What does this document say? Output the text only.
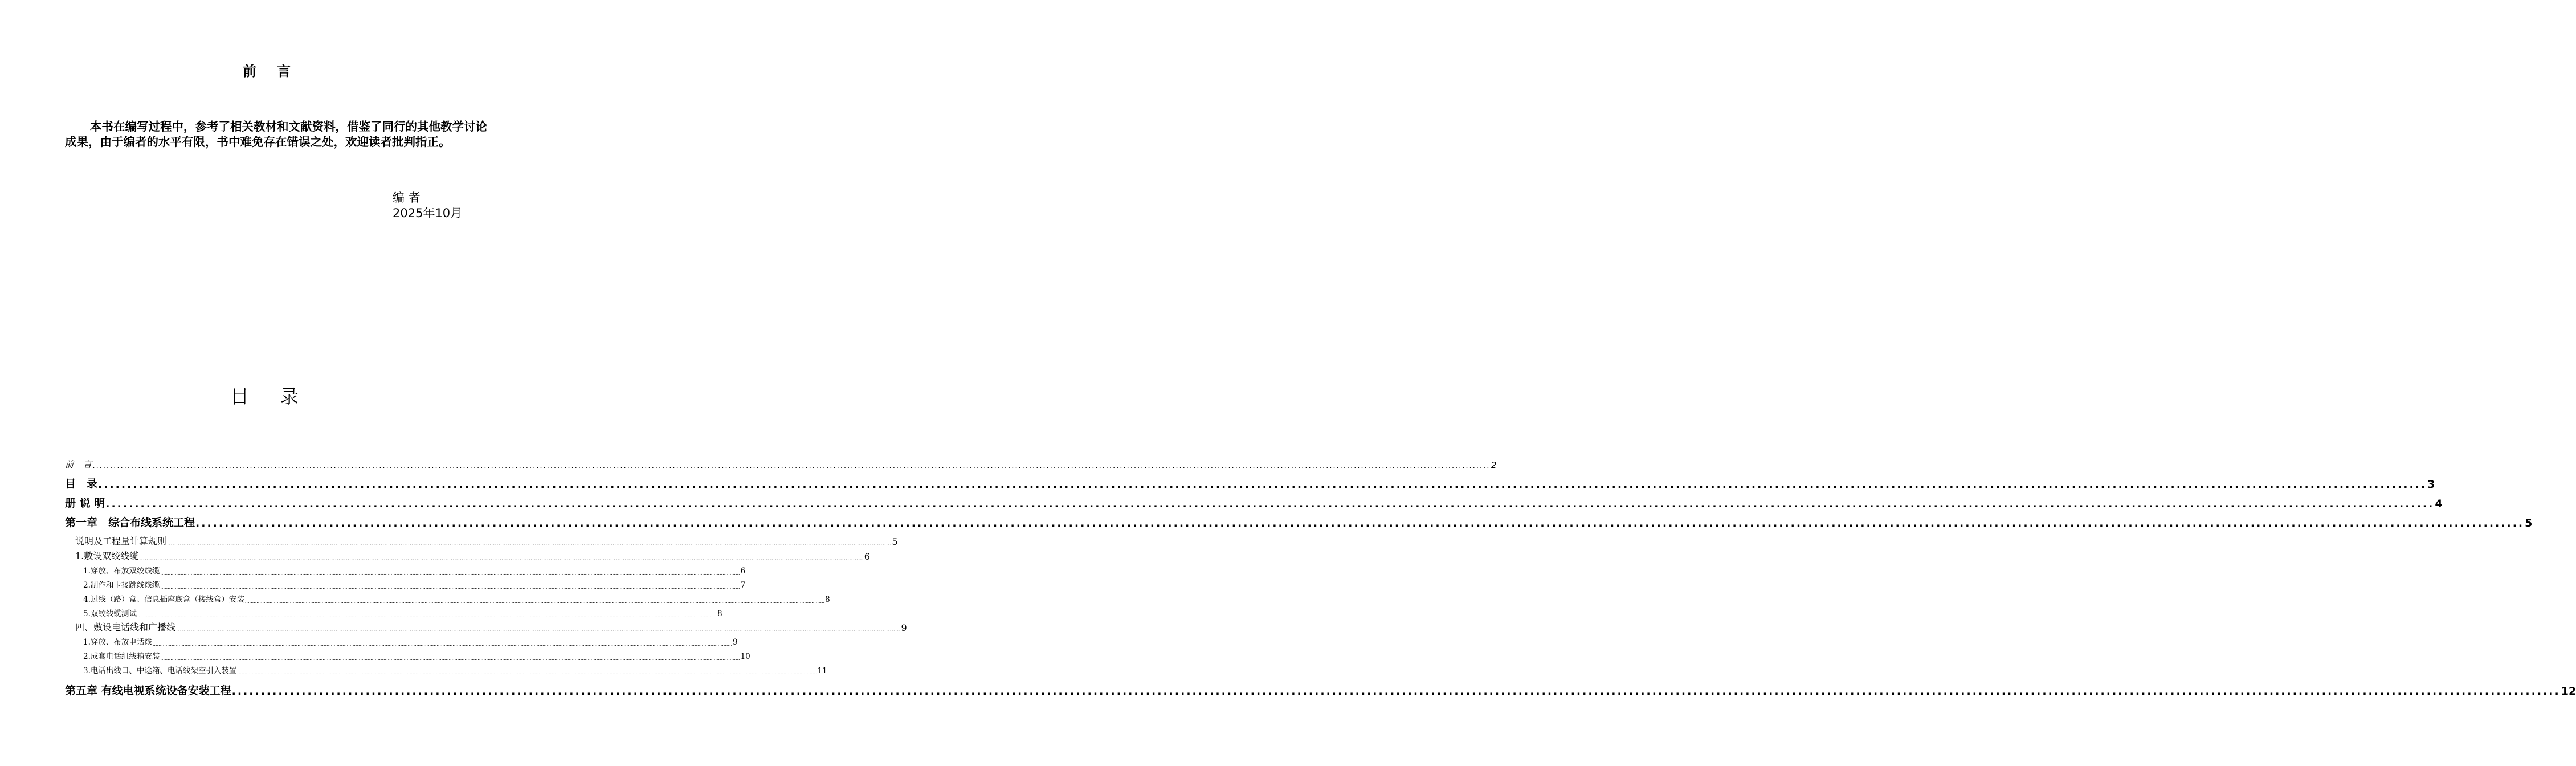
前 言

本书在编写过程中，参考了相关教材和文献资料，借鉴了同行的其他教学讨论成果，由于编者的水平有限，书中难免存在错误之处，欢迎读者批判指正。

编 者
2025年10月
目 录
前　言 ................................................................................................................................................................................................................................................................................................................................................................................................................ 2
目　录 ................................................................................................................................................................................................................................................................................................................................................................................................................ 3
册 说 明 ................................................................................................................................................................................................................................................................................................................................................................................................................ 4
第一章　综合布线系统工程 ................................................................................................................................................................................................................................................................................................................................................................................................................ 5
说明及工程量计算规则 ................................................................................................................................................................................................................................................................................................................................................................................................................ 5
1.敷设双绞线缆 ................................................................................................................................................................................................................................................................................................................................................................................................................ 6
1.穿放、布放双绞线缆 ................................................................................................................................................................................................................................................................................................................................................................................................................ 6
2.制作和卡接跳线线缆 ................................................................................................................................................................................................................................................................................................................................................................................................................ 7
4.过线（路）盒、信息插座底盒（接线盒）安装 ................................................................................................................................................................................................................................................................................................................................................................................................................ 8
5.双绞线缆测试 ................................................................................................................................................................................................................................................................................................................................................................................................................ 8
四、敷设电话线和广播线 ................................................................................................................................................................................................................................................................................................................................................................................................................ 9
1.穿放、布放电话线 ................................................................................................................................................................................................................................................................................................................................................................................................................ 9
2.成套电话组线箱安装 ................................................................................................................................................................................................................................................................................................................................................................................................................ 10
3.电话出线口、中途箱、电话线架空引入装置 ................................................................................................................................................................................................................................................................................................................................................................................................................ 11
第五章 有线电视系统设备安装工程 ................................................................................................................................................................................................................................................................................................................................................................................................................ 12
